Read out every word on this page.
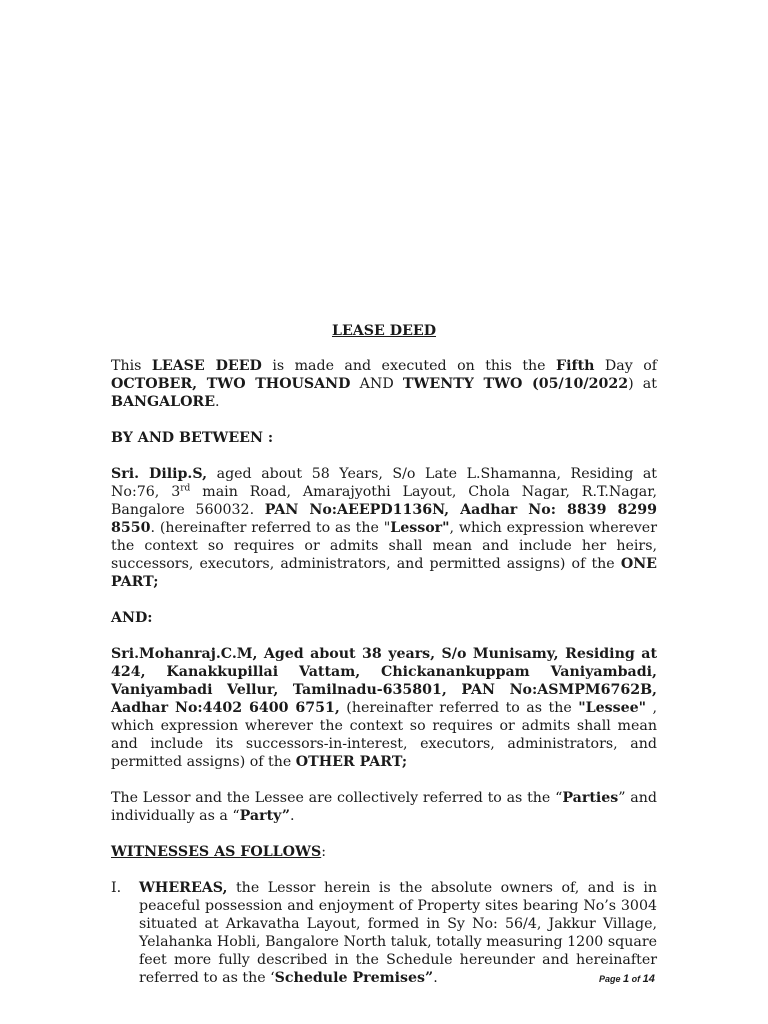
LEASE DEED

This LEASE DEED is made and executed on this the Fifth Day of OCTOBER, TWO THOUSAND AND TWENTY TWO (05/10/2022) at BANGALORE.

BY AND BETWEEN :

Sri. Dilip.S, aged about 58 Years, S/o Late L.Shamanna, Residing at No:76, 3rd main Road, Amarajyothi Layout, Chola Nagar, R.T.Nagar, Bangalore 560032. PAN No:AEEPD1136N, Aadhar No: 8839 8299 8550. (hereinafter referred to as the "Lessor", which expression wherever the context so requires or admits shall mean and include her heirs, successors, executors, administrators, and permitted assigns) of the ONE PART;

AND:

Sri.Mohanraj.C.M, Aged about 38 years, S/o Munisamy, Residing at 424, Kanakkupillai Vattam, Chickanankuppam Vaniyambadi, Vaniyambadi Vellur, Tamilnadu-635801, PAN No:ASMPM6762B, Aadhar No:4402 6400 6751, (hereinafter referred to as the "Lessee" , which expression wherever the context so requires or admits shall mean and include its successors-in-interest, executors, administrators, and permitted assigns) of the OTHER PART;

The Lessor and the Lessee are collectively referred to as the “Parties” and individually as a “Party”.

WITNESSES AS FOLLOWS:

I. WHEREAS, the Lessor herein is the absolute owners of, and is in peaceful possession and enjoyment of Property sites bearing No’s 3004 situated at Arkavatha Layout, formed in Sy No: 56/4, Jakkur Village, Yelahanka Hobli, Bangalore North taluk, totally measuring 1200 square feet more fully described in the Schedule hereunder and hereinafter referred to as the ‘Schedule Premises”.	Page 1 of 14
